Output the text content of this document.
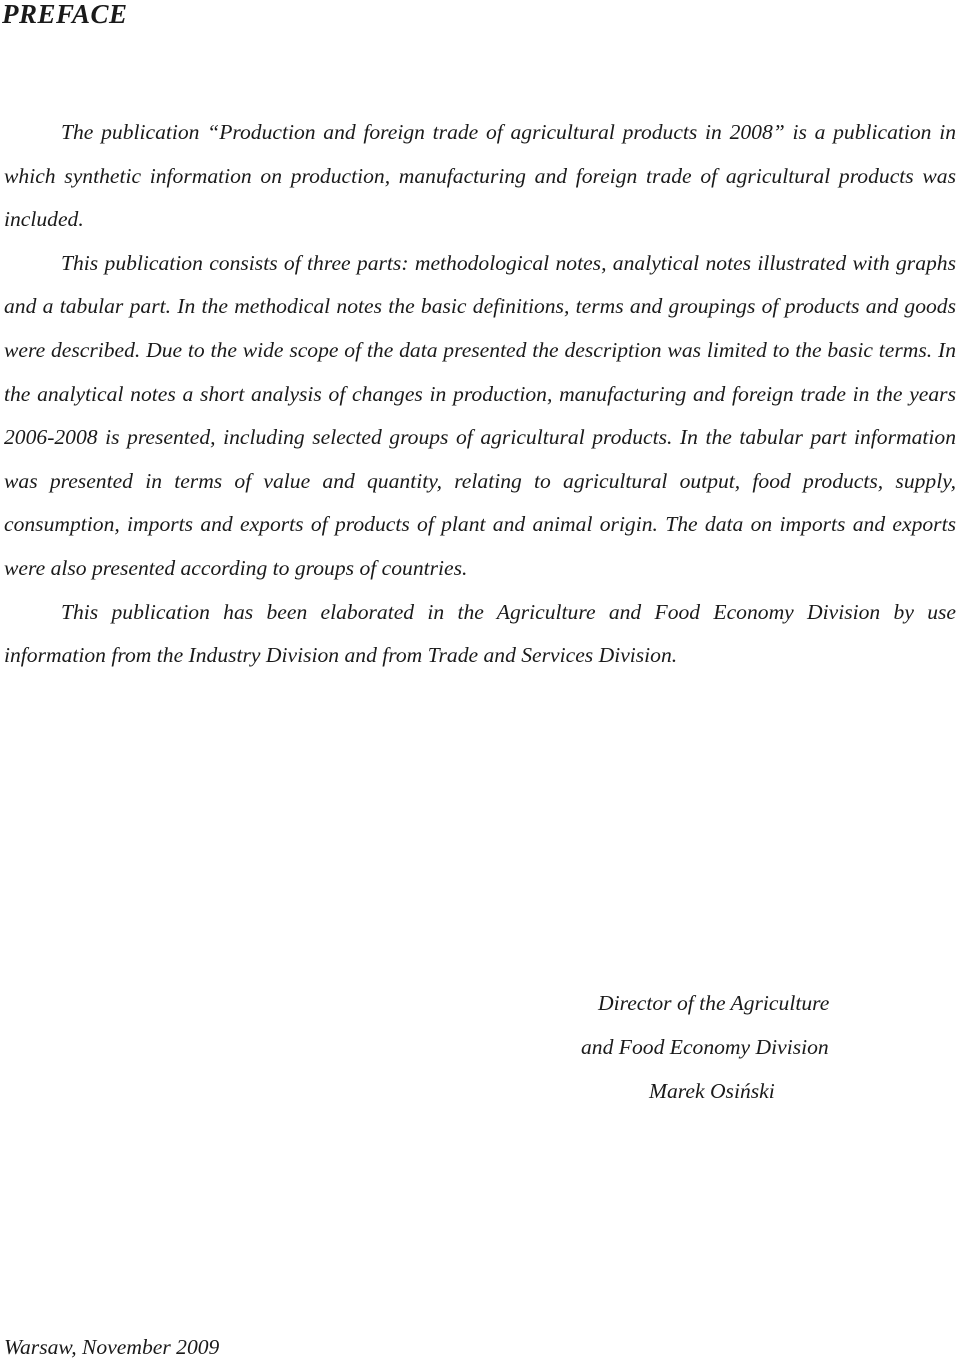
PREFACE

The publication “Production and foreign trade of agricultural products in 2008” is a publication in which synthetic information on production, manufacturing and foreign trade of agricultural products was included.

This publication consists of three parts: methodological notes, analytical notes illustrated with graphs and a tabular part. In the methodical notes the basic definitions, terms and groupings of products and goods were described. Due to the wide scope of the data presented the description was limited to the basic terms. In the analytical notes a short analysis of changes in production, manufacturing and foreign trade in the years 2006-2008 is presented, including selected groups of agricultural products. In the tabular part information was presented in terms of value and quantity, relating to agricultural output, food products, supply, consumption, imports and exports of products of plant and animal origin. The data on imports and exports were also presented according to groups of countries.

This publication has been elaborated in the Agriculture and Food Economy Division by use information from the Industry Division and from Trade and Services Division.

Director of the Agriculture
and Food Economy Division
Marek Osiński
Warsaw, November 2009
